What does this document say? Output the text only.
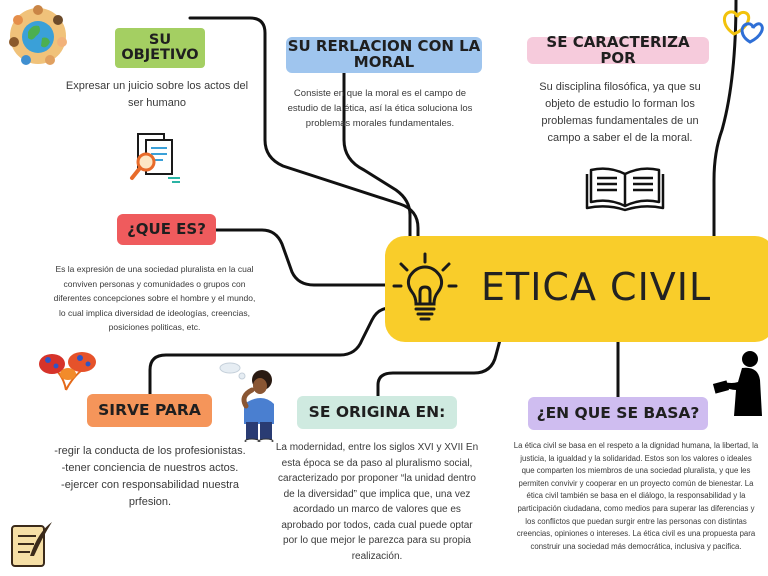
SU OBJETIVO
Expresar un juicio sobre los actos del ser humano
SU RERLACION CON LA MORAL
Consiste en que la moral es el campo de estudio de la ética, así la ética soluciona los problemas morales fundamentales.
SE CARACTERIZA POR
Su disciplina filosófica, ya que su objeto de estudio lo forman los problemas fundamentales de un campo a saber el de la moral.
¿QUE ES?
Es la expresión de una sociedad pluralista en la cual conviven personas y comunidades o grupos con diferentes concepciones sobre el hombre y el mundo, lo cual implica diversidad de ideologías, creencias, posiciones politicas, etc.
SIRVE PARA
-regir la conducta de los profesionistas.
-tener conciencia de nuestros actos.
-ejercer con responsabilidad nuestra prfesion.
SE ORIGINA EN:
La modernidad, entre los siglos XVI y XVII En esta época se da paso al pluralismo social, caracterizado por proponer “la unidad dentro de la diversidad” que implica que, una vez acordado un marco de valores que es aprobado por todos, cada cual puede optar por lo que mejor le parezca para su propia realización.
¿EN QUE SE BASA?
La ética civil se basa en el respeto a la dignidad humana, la libertad, la justicia, la igualdad y la solidaridad. Estos son los valores o ideales que comparten los miembros de una sociedad pluralista, y que les permiten convivir y cooperar en un proyecto común de bienestar. La ética civil también se basa en el diálogo, la responsabilidad y la participación ciudadana, como medios para superar las diferencias y los conflictos que puedan surgir entre las personas con distintas creencias, opiniones o intereses. La ética civil es una propuesta para construir una sociedad más democrática, inclusiva y pacifica.
ETICA CIVIL
